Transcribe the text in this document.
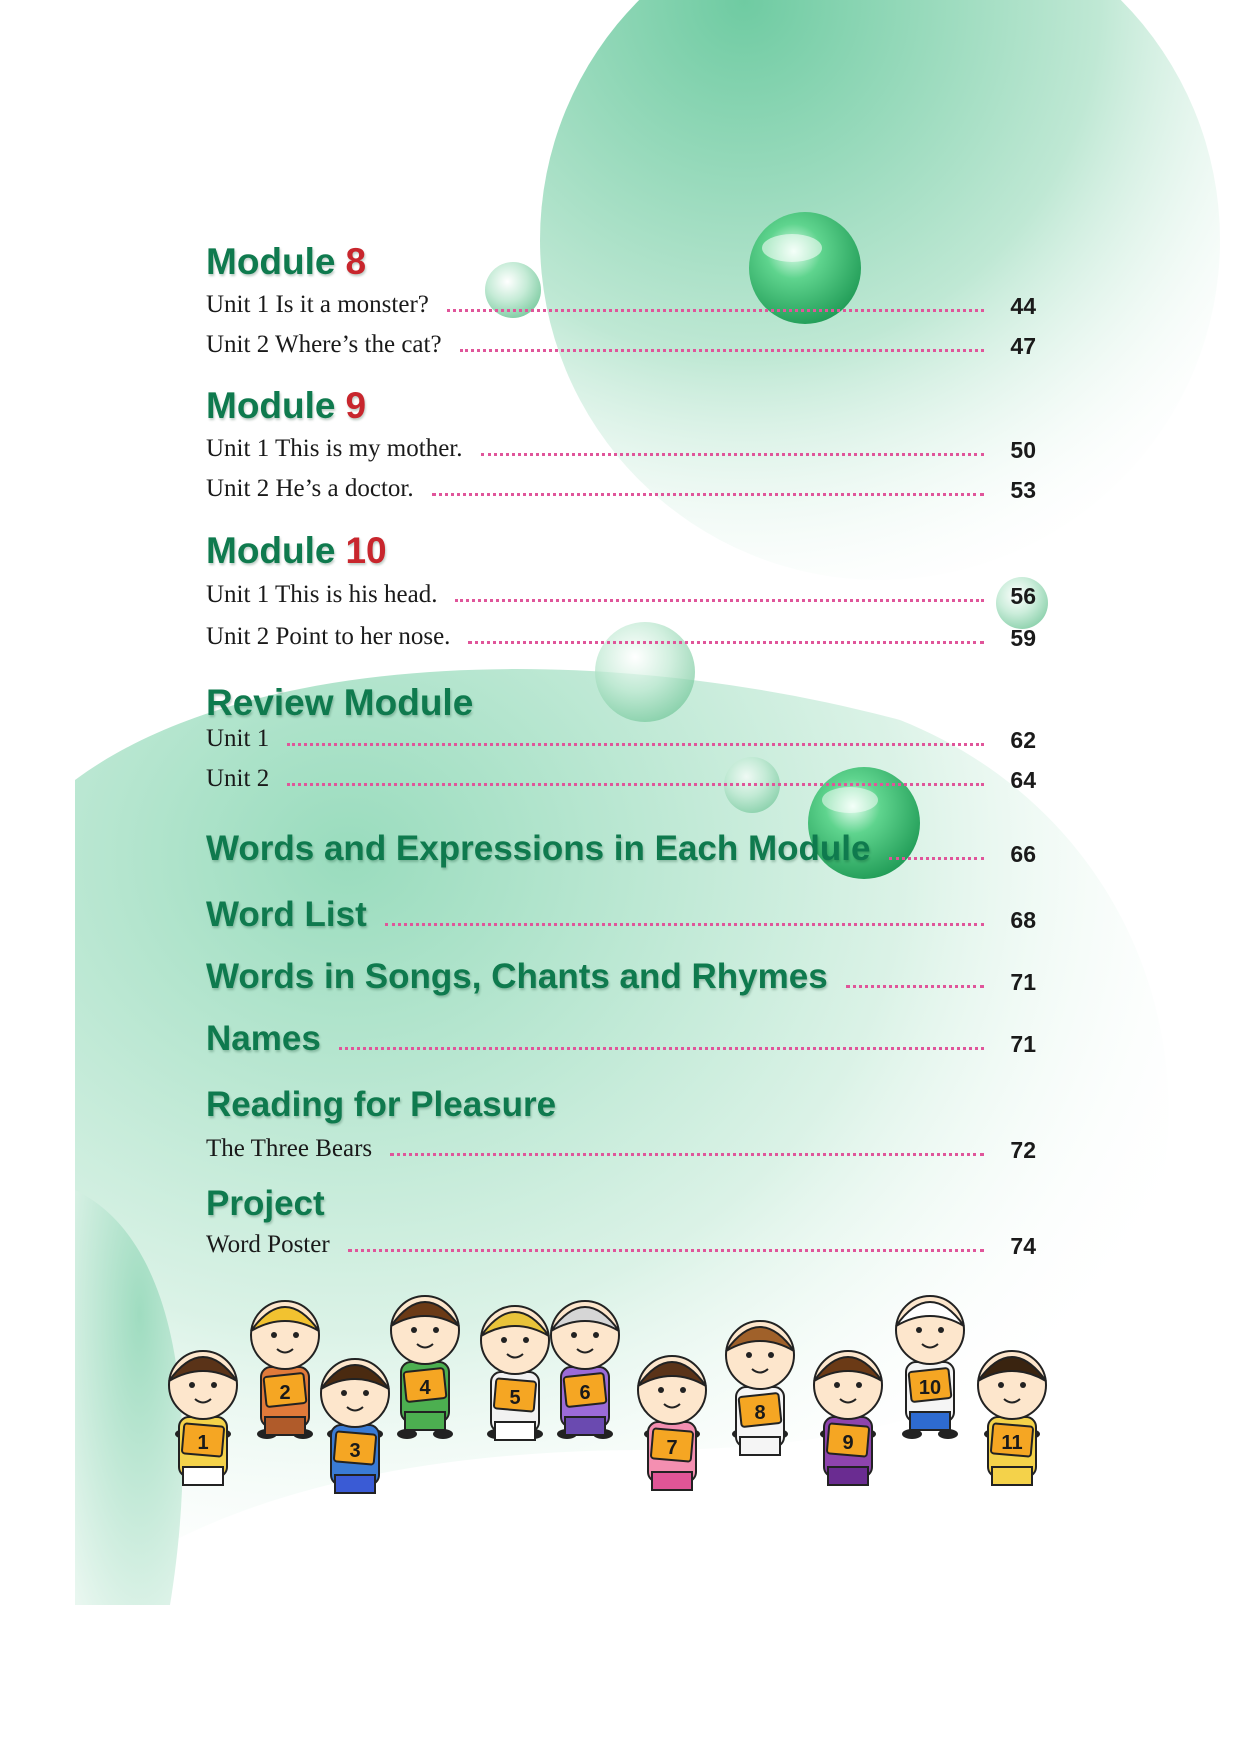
Module 8
Unit 1 Is it a monster?	44
Unit 2 Where’s the cat?	47
Module 9
Unit 1 This is my mother.	50
Unit 2 He’s a doctor.	53
Module 10
Unit 1 This is his head.	56
Unit 2 Point to her nose.	59
Review Module
Unit 1	62
Unit 2	64
Words and Expressions in Each Module	66
Word List	68
Words in Songs, Chants and Rhymes	71
Names	71
Reading for Pleasure
The Three Bears	72
Project
Word Poster	74
1
2
3
4	5	6
7
8
9
10
11
